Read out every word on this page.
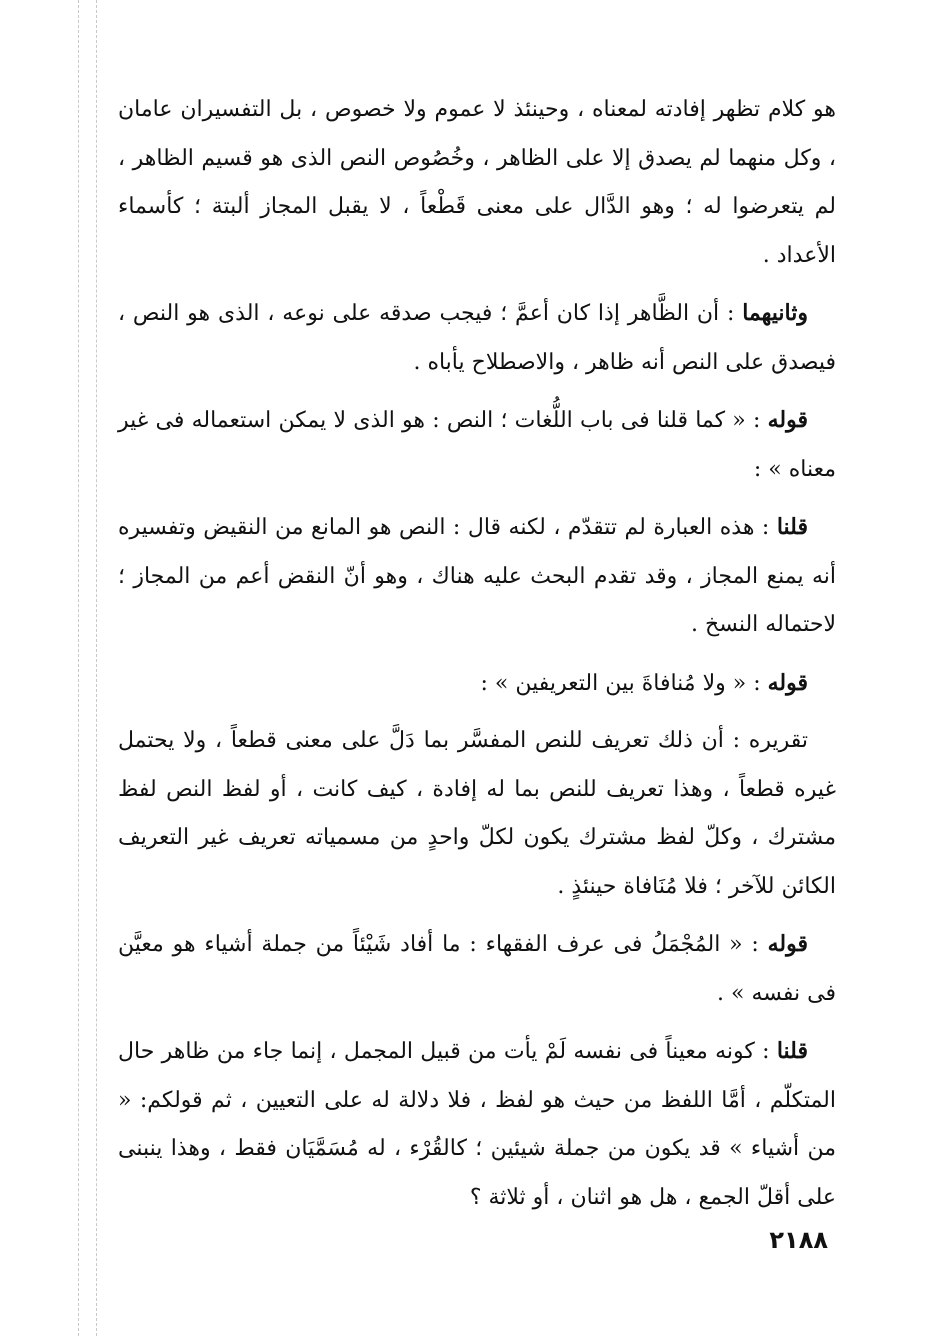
هو كلام تظهر إفادته لمعناه ، وحينئذ لا عموم ولا خصوص ، بل التفسيران عامان ، وكل منهما لم يصدق إلا على الظاهر ، وخُصُوص النص الذى هو قسيم الظاهر ، لم يتعرضوا له ؛ وهو الدَّال على معنى قَطْعاً ، لا يقبل المجاز ألبتة ؛ كأسماء الأعداد .

وثانيهما : أن الظَّاهر إذا كان أعمَّ ؛ فيجب صدقه على نوعه ، الذى هو النص ، فيصدق على النص أنه ظاهر ، والاصطلاح يأباه .

قوله : « كما قلنا فى باب اللُّغات ؛ النص : هو الذى لا يمكن استعماله فى غير معناه » :

قلنا : هذه العبارة لم تتقدّم ، لكنه قال : النص هو المانع من النقيض وتفسيره أنه يمنع المجاز ، وقد تقدم البحث عليه هناك ، وهو أنّ النقض أعم من المجاز ؛ لاحتماله النسخ .

قوله : « ولا مُنافاةَ بين التعريفين » :

تقريره : أن ذلك تعريف للنص المفسَّر بما دَلَّ على معنى قطعاً ، ولا يحتمل غيره قطعاً ، وهذا تعريف للنص بما له إفادة ، كيف كانت ، أو لفظ النص لفظ مشترك ، وكلّ لفظ مشترك يكون لكلّ واحدٍ من مسمياته تعريف غير التعريف الكائن للآخر ؛ فلا مُنَافاة حينئذٍ .

قوله : « المُجْمَلُ فى عرف الفقهاء : ما أفاد شَيْئاً من جملة أشياء هو معيَّن فى نفسه » .

قلنا : كونه معيناً فى نفسه لَمْ يأت من قبيل المجمل ، إنما جاء من ظاهر حال المتكلّم ، أمَّا اللفظ من حيث هو لفظ ، فلا دلالة له على التعيين ، ثم قولكم: « من أشياء » قد يكون من جملة شيئين ؛ كالقُرْء ، له مُسَمَّيَان فقط ، وهذا ينبنى على أقلّ الجمع ، هل هو اثنان ، أو ثلاثة ؟

٢١٨٨
